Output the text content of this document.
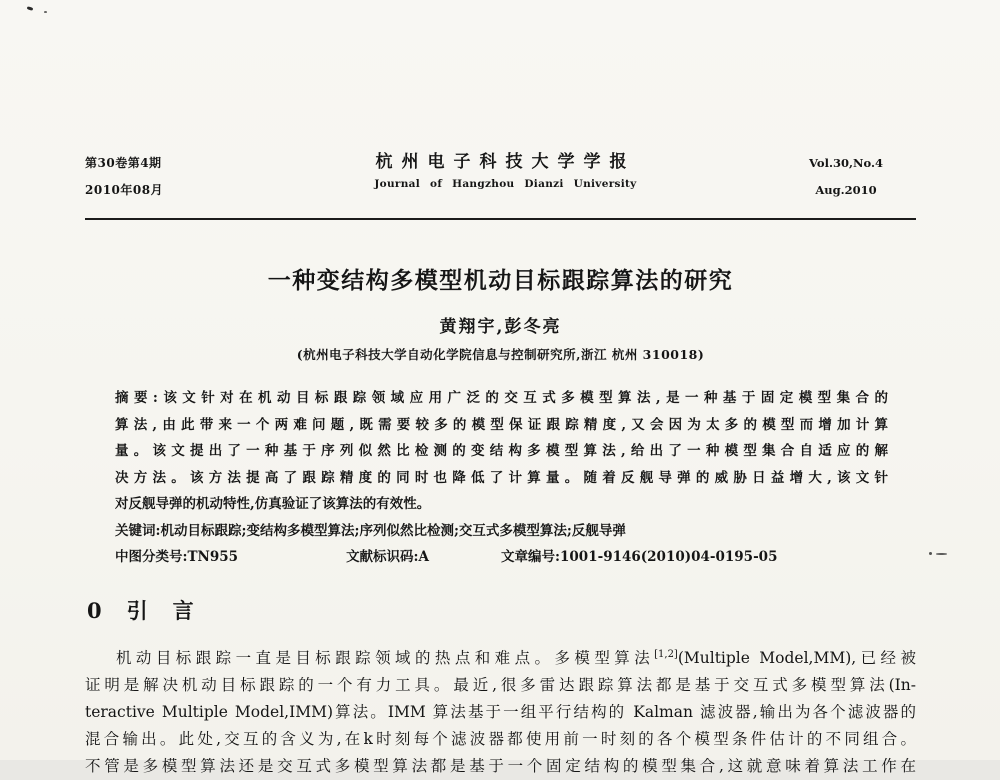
第30卷第4期
2010年08月
杭州电子科技大学学报
Journal of Hangzhou Dianzi University
Vol.30,No.4
Aug.2010
一种变结构多模型机动目标跟踪算法的研究
黄翔宇,彭冬亮
(杭州电子科技大学自动化学院信息与控制研究所,浙江 杭州 310018)
摘要:该文针对在机动目标跟踪领域应用广泛的交互式多模型算法,是一种基于固定模型集合的
算法,由此带来一个两难问题,既需要较多的模型保证跟踪精度,又会因为太多的模型而增加计算
量。该文提出了一种基于序列似然比检测的变结构多模型算法,给出了一种模型集合自适应的解
决方法。该方法提高了跟踪精度的同时也降低了计算量。随着反舰导弹的威胁日益增大,该文针
对反舰导弹的机动特性,仿真验证了该算法的有效性。
关键词:机动目标跟踪;变结构多模型算法;序列似然比检测;交互式多模型算法;反舰导弹
中图分类号:TN955	文献标识码:A	文章编号:1001-9146(2010)04-0195-05
0　引　言
机动目标跟踪一直是目标跟踪领域的热点和难点。多模型算法[1,2](Multiple Model,MM),已经被
证明是解决机动目标跟踪的一个有力工具。最近,很多雷达跟踪算法都是基于交互式多模型算法(In-
teractive Multiple Model,IMM)算法。IMM 算法基于一组平行结构的 Kalman 滤波器,输出为各个滤波器的
混合输出。此处,交互的含义为,在k时刻每个滤波器都使用前一时刻的各个模型条件估计的不同组合。
不管是多模型算法还是交互式多模型算法都是基于一个固定结构的模型集合,这就意味着算法工作在
